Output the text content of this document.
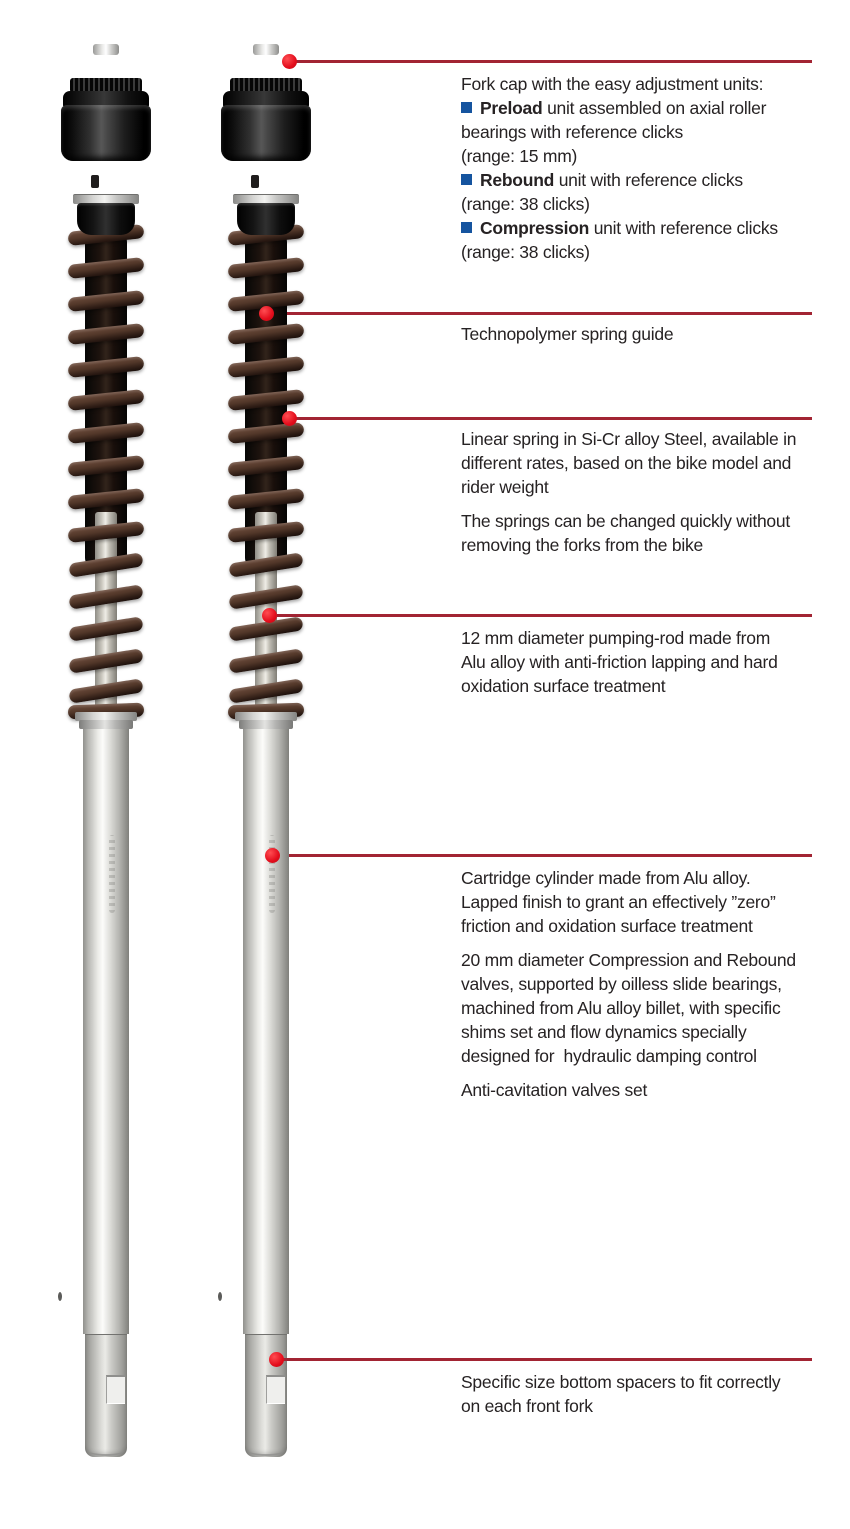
Fork cap with the easy adjustment units:
Preload unit assembled on axial roller
bearings with reference clicks
(range: 15 mm)
Rebound unit with reference clicks
(range: 38 clicks)
Compression unit with reference clicks
(range: 38 clicks)
Technopolymer spring guide
Linear spring in Si-Cr alloy Steel, available in
different rates, based on the bike model and
rider weight
The springs can be changed quickly without
removing the forks from the bike
12 mm diameter pumping-rod made from
Alu alloy with anti-friction lapping and hard
oxidation surface treatment
Cartridge cylinder made from Alu alloy.
Lapped finish to grant an effectively ”zero”
friction and oxidation surface treatment
20 mm diameter Compression and Rebound
valves, supported by oilless slide bearings,
machined from Alu alloy billet, with specific
shims set and flow dynamics specially
designed for  hydraulic damping control
Anti-cavitation valves set
Specific size bottom spacers to fit correctly
on each front fork
